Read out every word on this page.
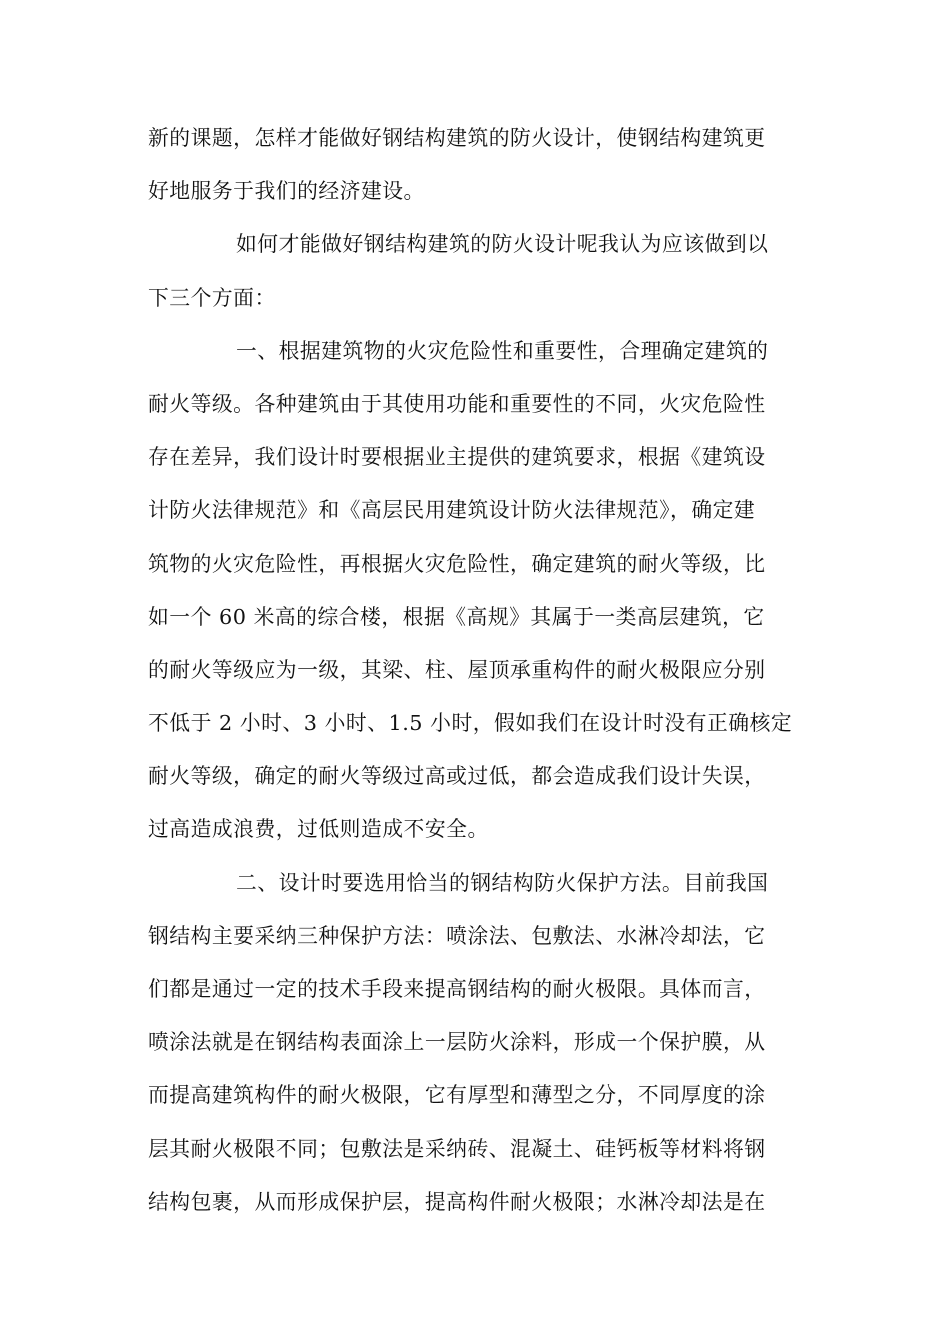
新的课题，怎样才能做好钢结构建筑的防火设计，使钢结构建筑更
好地服务于我们的经济建设。
如何才能做好钢结构建筑的防火设计呢我认为应该做到以
下三个方面：
一、根据建筑物的火灾危险性和重要性，合理确定建筑的
耐火等级。各种建筑由于其使用功能和重要性的不同，火灾危险性
存在差异，我们设计时要根据业主提供的建筑要求，根据《建筑设
计防火法律规范》和《高层民用建筑设计防火法律规范》，确定建
筑物的火灾危险性，再根据火灾危险性，确定建筑的耐火等级，比
如一个 60 米高的综合楼，根据《高规》其属于一类高层建筑，它
的耐火等级应为一级，其梁、柱、屋顶承重构件的耐火极限应分别
不低于 2 小时、3 小时、1.5 小时，假如我们在设计时没有正确核定
耐火等级，确定的耐火等级过高或过低，都会造成我们设计失误，
过高造成浪费，过低则造成不安全。
二、设计时要选用恰当的钢结构防火保护方法。目前我国
钢结构主要采纳三种保护方法：喷涂法、包敷法、水淋冷却法，它
们都是通过一定的技术手段来提高钢结构的耐火极限。具体而言，
喷涂法就是在钢结构表面涂上一层防火涂料，形成一个保护膜，从
而提高建筑构件的耐火极限，它有厚型和薄型之分，不同厚度的涂
层其耐火极限不同；包敷法是采纳砖、混凝土、硅钙板等材料将钢
结构包裹，从而形成保护层，提高构件耐火极限；水淋冷却法是在
